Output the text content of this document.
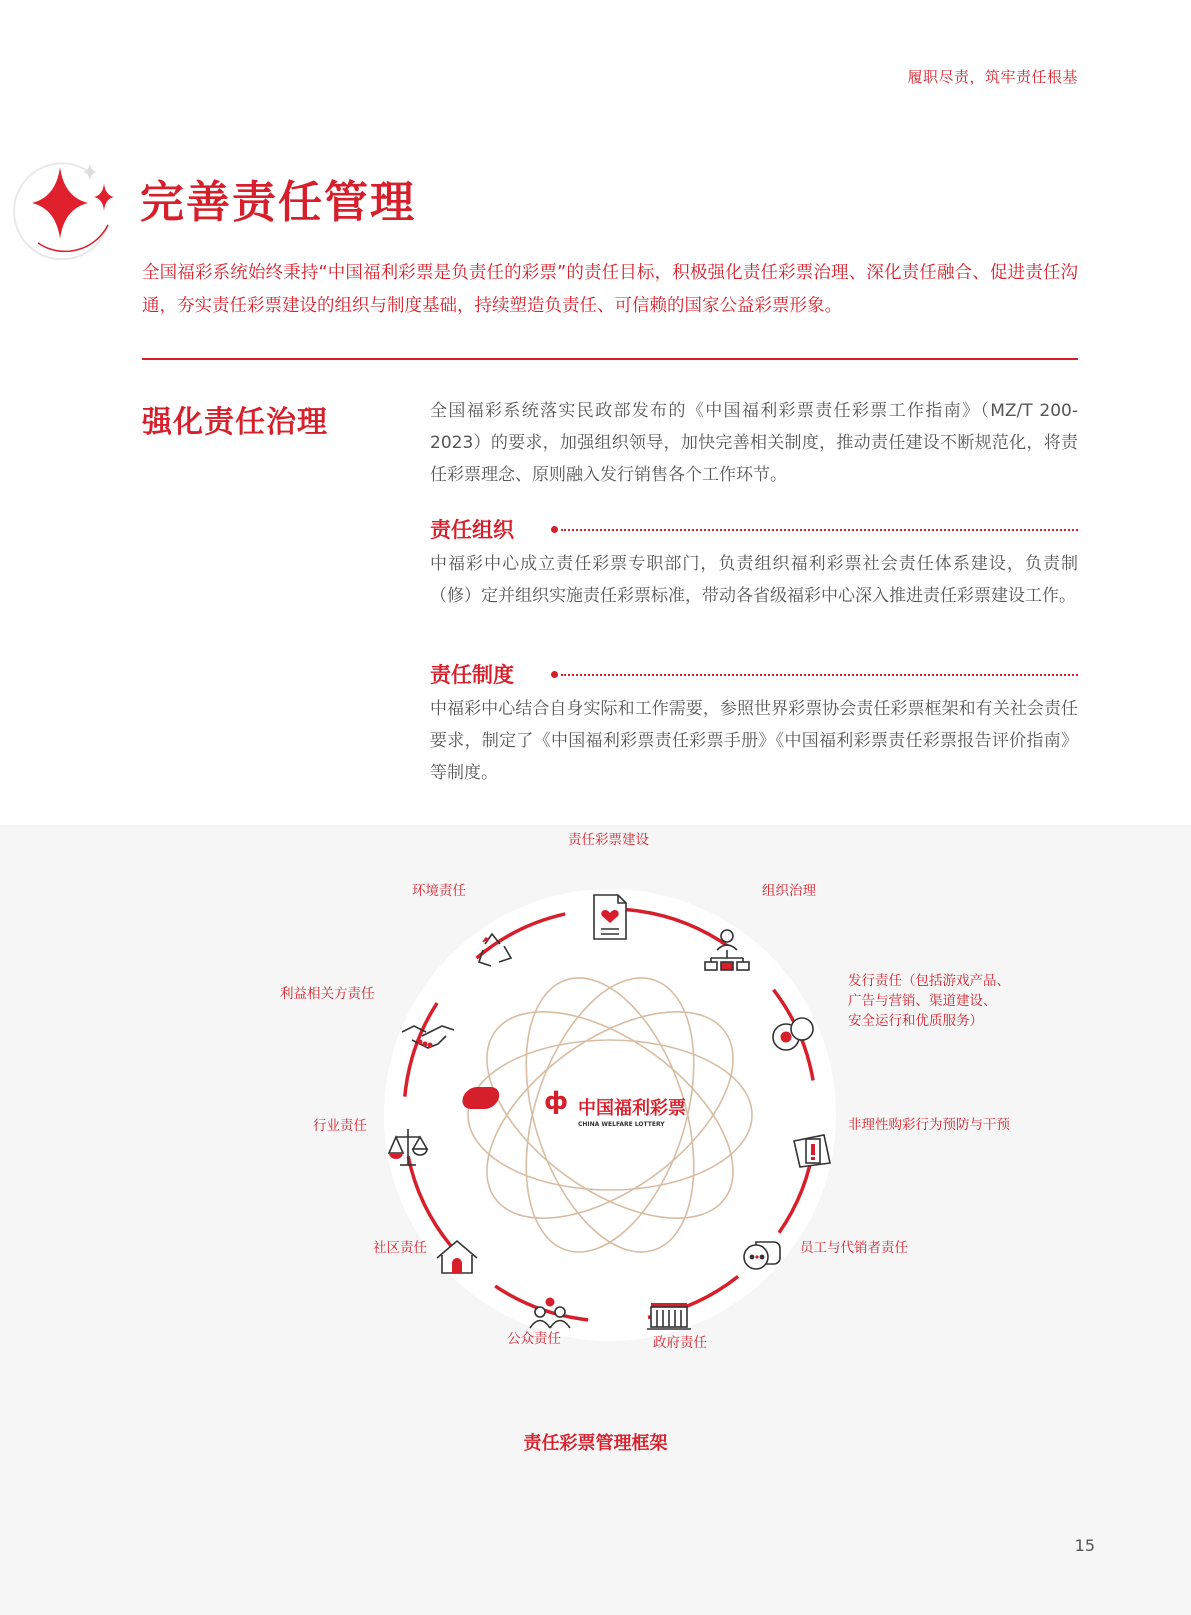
履职尽责，筑牢责任根基
完善责任管理
全国福彩系统始终秉持“中国福利彩票是负责任的彩票”的责任目标，积极强化责任彩票治理、深化责任融合、促进责任沟通，夯实责任彩票建设的组织与制度基础，持续塑造负责任、可信赖的国家公益彩票形象。
强化责任治理	全国福彩系统落实民政部发布的《中国福利彩票责任彩票工作指南》（MZ/T 200-2023）的要求，加强组织领导，加快完善相关制度，推动责任建设不断规范化，将责任彩票理念、原则融入发行销售各个工作环节。
责任组织
中福彩中心成立责任彩票专职部门，负责组织福利彩票社会责任体系建设，负责制（修）定并组织实施责任彩票标准，带动各省级福彩中心深入推进责任彩票建设工作。
责任制度
中福彩中心结合自身实际和工作需要，参照世界彩票协会责任彩票框架和有关社会责任要求，制定了《中国福利彩票责任彩票手册》《中国福利彩票责任彩票报告评价指南》等制度。
ф 中国福利彩票
CHINA WELFARE LOTTERY
责任彩票建设
组织治理
发行责任（包括游戏产品、
广告与营销、渠道建设、
安全运行和优质服务）
非理性购彩行为预防与干预
员工与代销者责任
政府责任
公众责任
社区责任
行业责任
利益相关方责任
环境责任
责任彩票管理框架
15
